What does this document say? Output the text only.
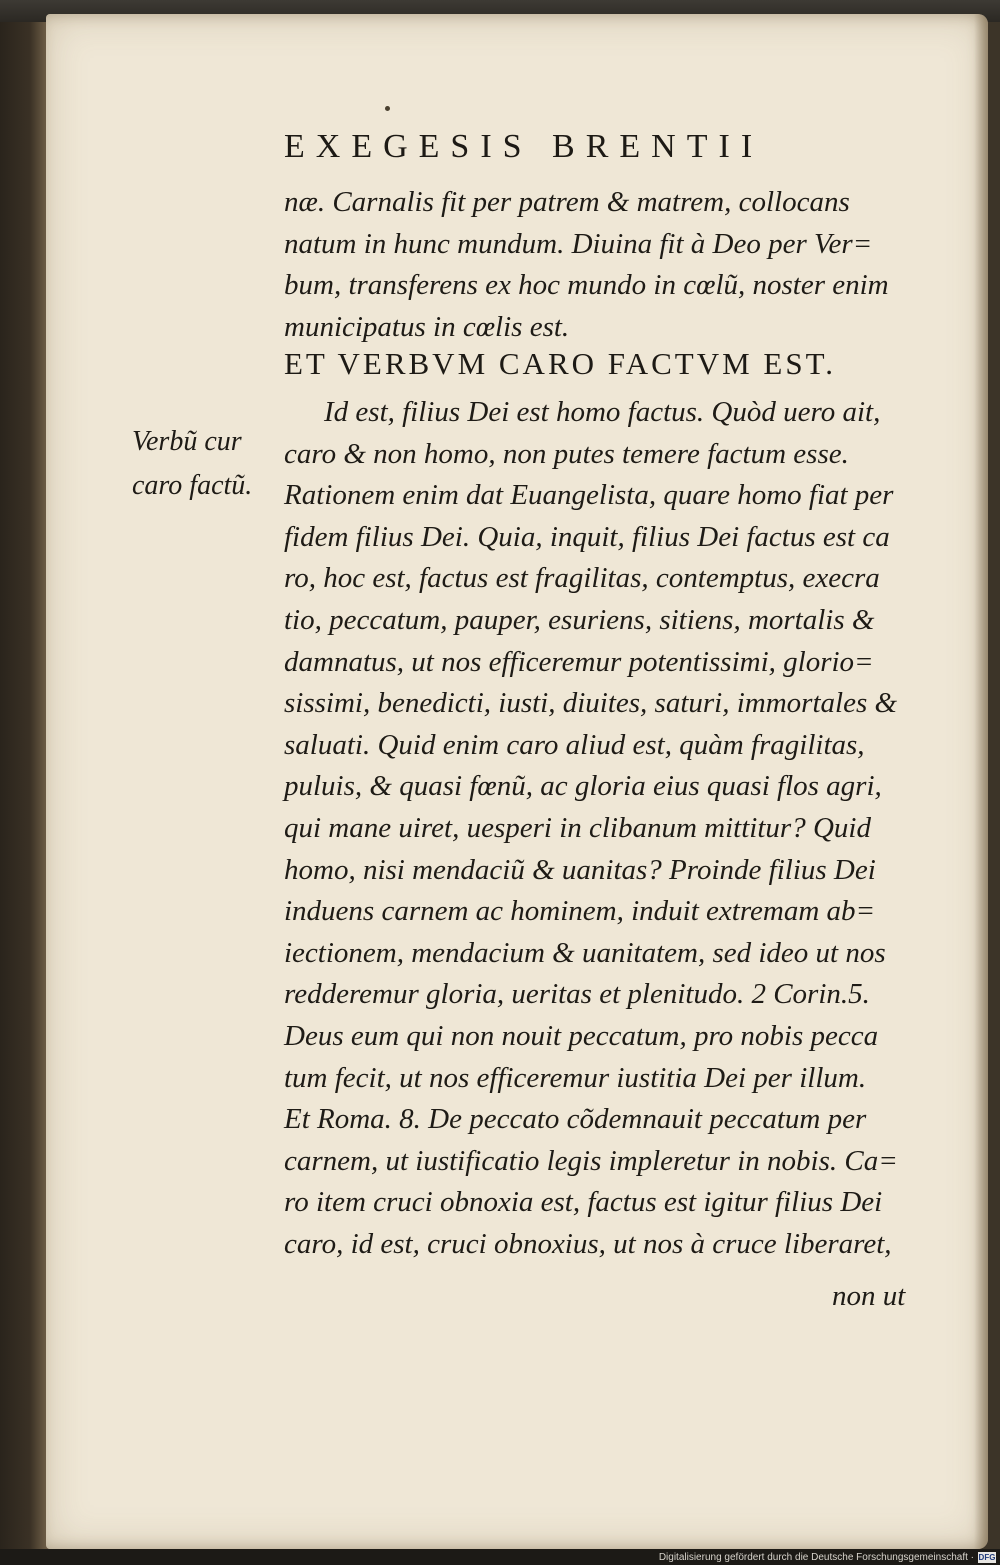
EXEGESIS BRENTII
næ. Carnalis fit per patrem & matrem, collocans
natum in hunc mundum. Diuina fit à Deo per Ver=
bum, transferens ex hoc mundo in cœlũ, noster enim
municipatus in cœlis est.
ET VERBVM CARO FACTVM EST.
Verbũ cur
caro factũ.
Id est, filius Dei est homo factus. Quòd uero ait,
caro & non homo, non putes temere factum esse.
Rationem enim dat Euangelista, quare homo fiat per
fidem filius Dei. Quia, inquit, filius Dei factus est ca
ro, hoc est, factus est fragilitas, contemptus, execra
tio, peccatum, pauper, esuriens, sitiens, mortalis &
damnatus, ut nos efficeremur potentissimi, glorio=
sissimi, benedicti, iusti, diuites, saturi, immortales &
saluati. Quid enim caro aliud est, quàm fragilitas,
puluis, & quasi fœnũ, ac gloria eius quasi flos agri,
qui mane uiret, uesperi in clibanum mittitur? Quid
homo, nisi mendaciũ & uanitas? Proinde filius Dei
induens carnem ac hominem, induit extremam ab=
iectionem, mendacium & uanitatem, sed ideo ut nos
redderemur gloria, ueritas et plenitudo. 2 Corin.5.
Deus eum qui non nouit peccatum, pro nobis pecca
tum fecit, ut nos efficeremur iustitia Dei per illum.
Et Roma. 8. De peccato cõdemnauit peccatum per
carnem, ut iustificatio legis impleretur in nobis. Ca=
ro item cruci obnoxia est, factus est igitur filius Dei
caro, id est, cruci obnoxius, ut nos à cruce liberaret,
non ut
Digitalisierung gefördert durch die Deutsche Forschungsgemeinschaft · DFG
